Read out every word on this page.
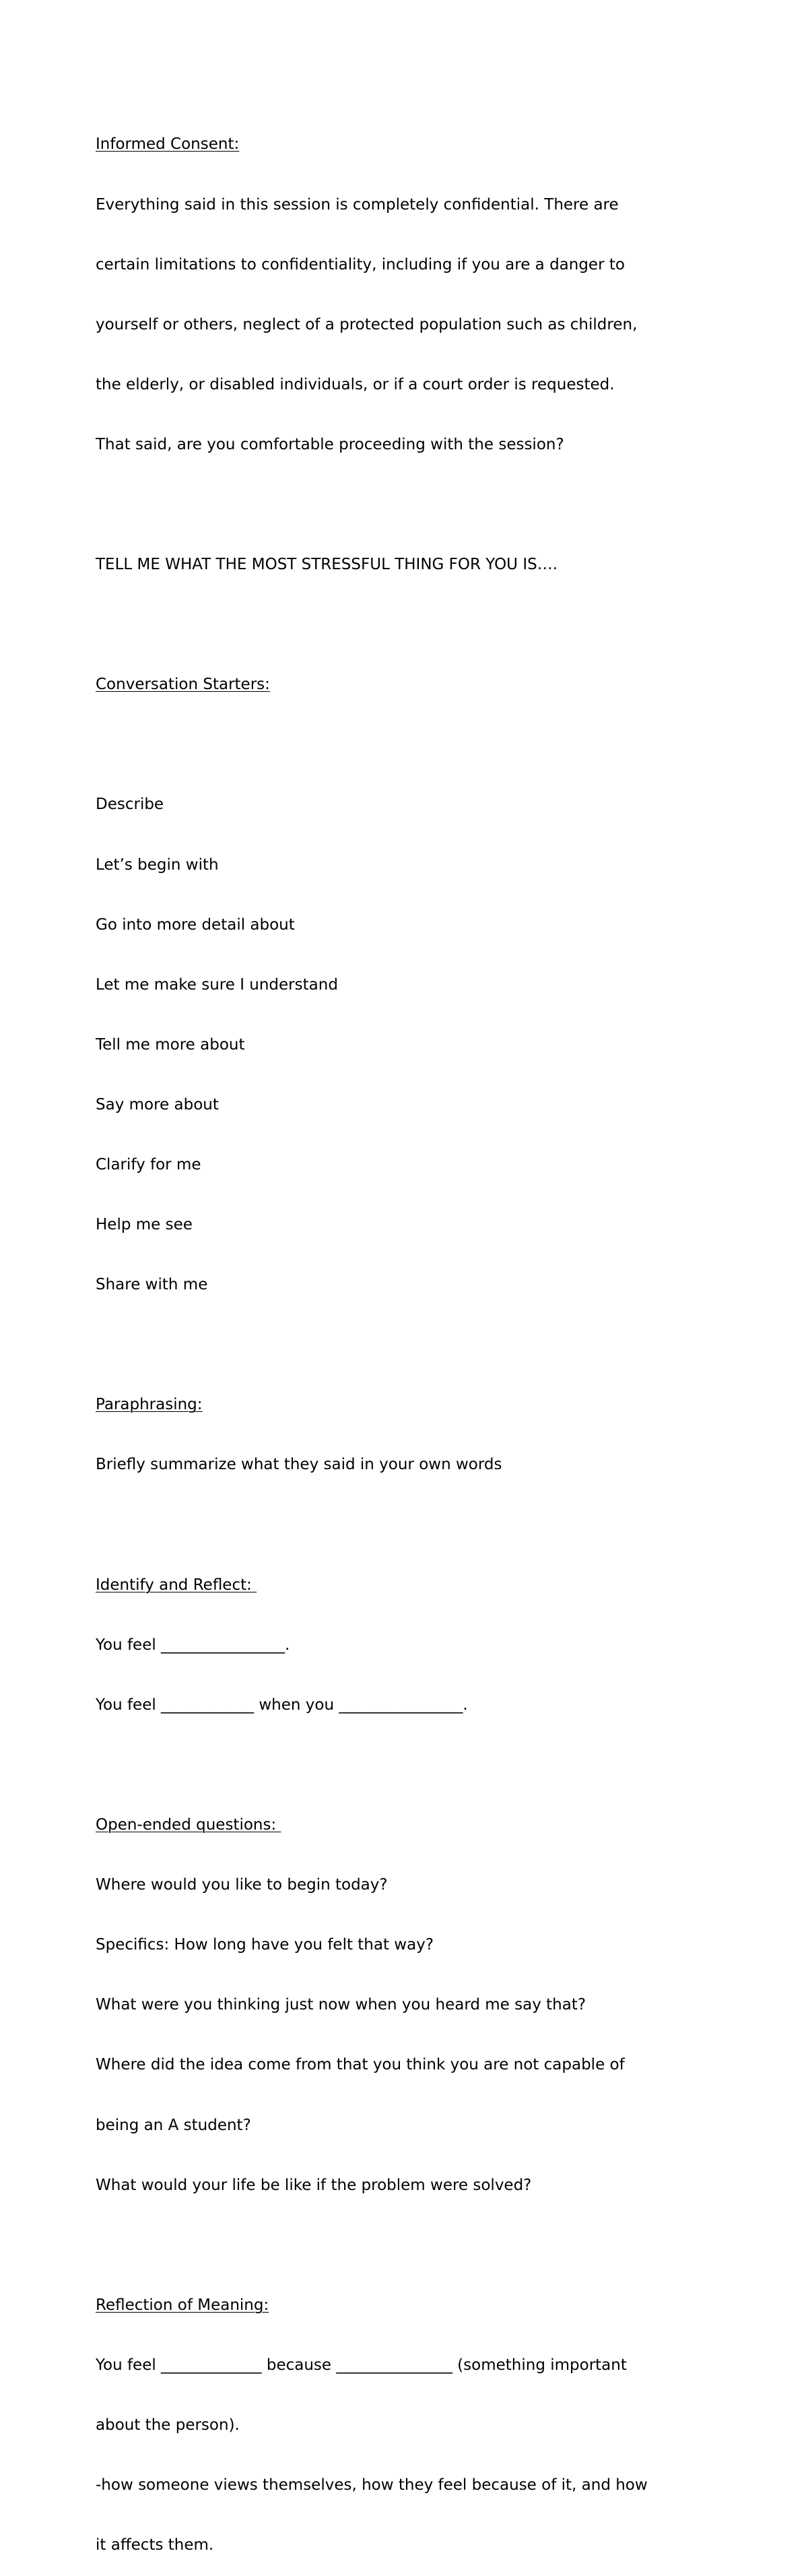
Informed Consent:

Everything said in this session is completely confidential. There are

certain limitations to confidentiality, including if you are a danger to

yourself or others, neglect of a protected population such as children,

the elderly, or disabled individuals, or if a court order is requested.

That said, are you comfortable proceeding with the session?

TELL ME WHAT THE MOST STRESSFUL THING FOR YOU IS….

Conversation Starters:

Describe

Let’s begin with

Go into more detail about

Let me make sure I understand

Tell me more about

Say more about

Clarify for me

Help me see

Share with me

Paraphrasing:

Briefly summarize what they said in your own words

Identify and Reflect:

You feel ________________.

You feel ____________ when you ________________.

Open-ended questions:

Where would you like to begin today?

Specifics: How long have you felt that way?

What were you thinking just now when you heard me say that?

Where did the idea come from that you think you are not capable of

being an A student?

What would your life be like if the problem were solved?

Reflection of Meaning:

You feel _____________ because _______________ (something important

about the person).

-how someone views themselves, how they feel because of it, and how

it affects them.
